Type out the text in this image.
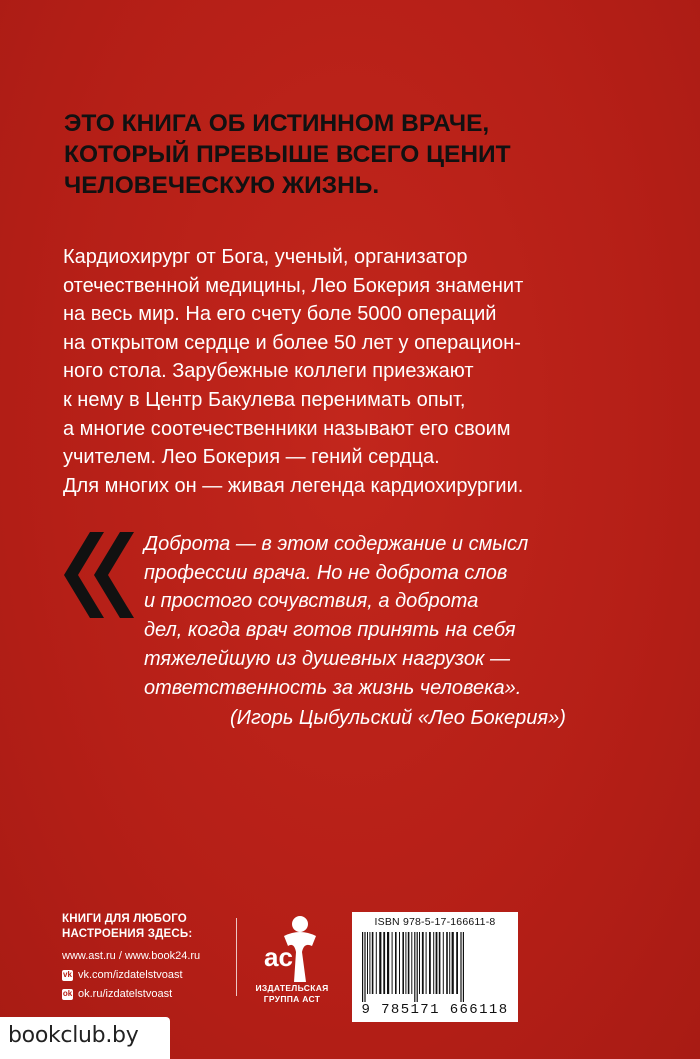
ЭТО КНИГА ОБ ИСТИННОМ ВРАЧЕ,
КОТОРЫЙ ПРЕВЫШЕ ВСЕГО ЦЕНИТ
ЧЕЛОВЕЧЕСКУЮ ЖИЗНЬ.

Кардиохирург от Бога, ученый, организатор
отечественной медицины, Лео Бокерия знаменит
на весь мир. На его счету боле 5000 операций
на открытом сердце и более 50 лет у операцион-
ного стола. Зарубежные коллеги приезжают
к нему в Центр Бакулева перенимать опыт,
а многие соотечественники называют его своим
учителем. Лео Бокерия — гений сердца.
Для многих он — живая легенда кардиохирургии.

Доброта — в этом содержание и смысл
профессии врача. Но не доброта слов
и простого сочувствия, а доброта
дел, когда врач готов принять на себя
тяжелейшую из душевных нагрузок —
ответственность за жизнь человека».
(Игорь Цыбульский «Лео Бокерия»)

КНИГИ ДЛЯ ЛЮБОГО
НАСТРОЕНИЯ ЗДЕСЬ:
www.ast.ru / www.book24.ru
vk vk.com/izdatelstvoast
ok ok.ru/izdatelstvoast
ac
ИЗДАТЕЛЬСКАЯ
ГРУППА АСТ
ISBN 978-5-17-166611-8
9 785171 666118
bookclub.by
